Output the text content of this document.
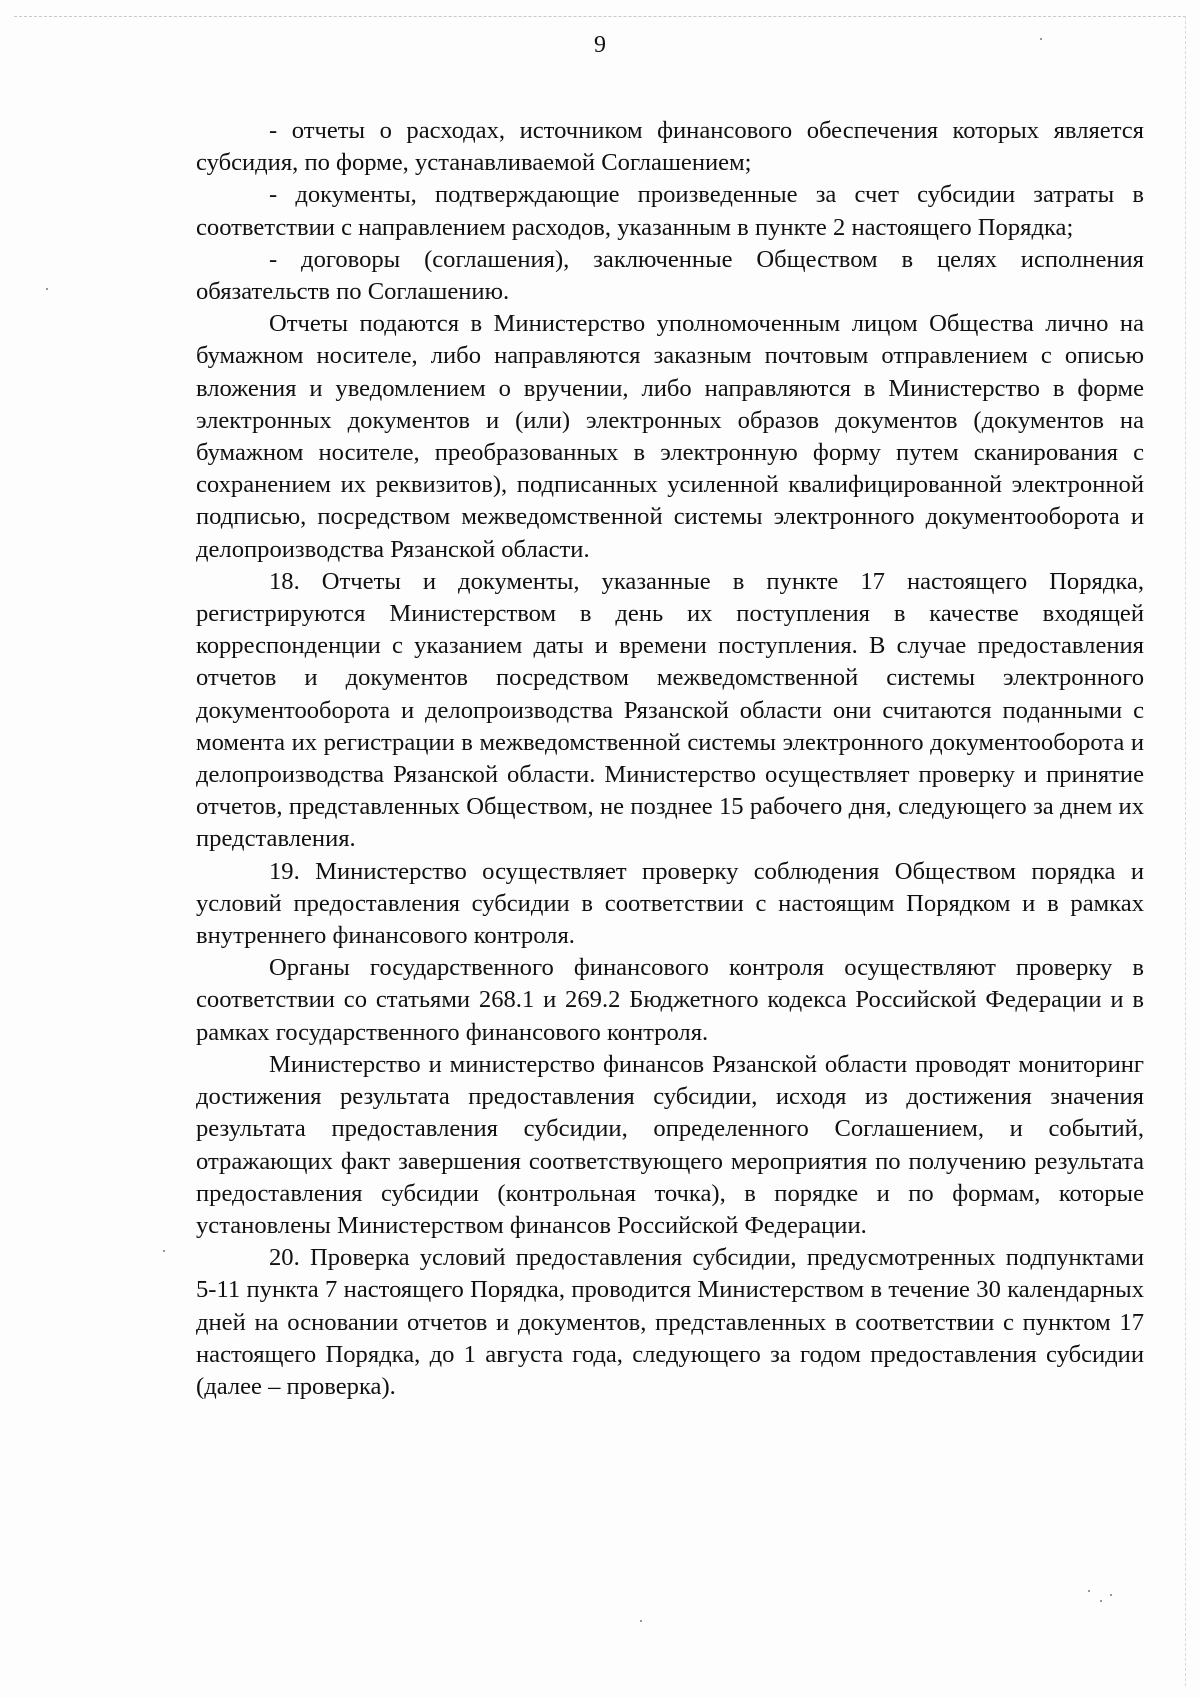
9

- отчеты о расходах, источником финансового обеспечения которых является субсидия, по форме, устанавливаемой Соглашением;

- документы, подтверждающие произведенные за счет субсидии затраты в соответствии с направлением расходов, указанным в пункте 2 настоящего Порядка;

- договоры (соглашения), заключенные Обществом в целях исполнения обязательств по Соглашению.

Отчеты подаются в Министерство уполномоченным лицом Общества лично на бумажном носителе, либо направляются заказным почтовым отправлением с описью вложения и уведомлением о вручении, либо направляются в Министерство в форме электронных документов и (или) электронных образов документов (документов на бумажном носителе, преобразованных в электронную форму путем сканирования с сохранением их реквизитов), подписанных усиленной квалифицированной электронной подписью, посредством межведомственной системы электронного документооборота и делопроизводства Рязанской области.

18. Отчеты и документы, указанные в пункте 17 настоящего Порядка, регистрируются Министерством в день их поступления в качестве входящей корреспонденции с указанием даты и времени поступления. В случае предоставления отчетов и документов посредством межведомственной системы электронного документооборота и делопроизводства Рязанской области они считаются поданными с момента их регистрации в межведомственной системы электронного документооборота и делопроизводства Рязанской области. Министерство осуществляет проверку и принятие отчетов, представленных Обществом, не позднее 15 рабочего дня, следующего за днем их представления.

19. Министерство осуществляет проверку соблюдения Обществом порядка и условий предоставления субсидии в соответствии с настоящим Порядком и в рамках внутреннего финансового контроля.

Органы государственного финансового контроля осуществляют проверку в соответствии со статьями 268.1 и 269.2 Бюджетного кодекса Российской Федерации и в рамках государственного финансового контроля.

Министерство и министерство финансов Рязанской области проводят мониторинг достижения результата предоставления субсидии, исходя из достижения значения результата предоставления субсидии, определенного Соглашением, и событий, отражающих факт завершения соответствующего мероприятия по получению результата предоставления субсидии (контрольная точка), в порядке и по формам, которые установлены Министерством финансов Российской Федерации.

20. Проверка условий предоставления субсидии, предусмотренных подпунктами 5-11 пункта 7 настоящего Порядка, проводится Министерством в течение 30 календарных дней на основании отчетов и документов, представленных в соответствии с пунктом 17 настоящего Порядка, до 1 августа года, следующего за годом предоставления субсидии (далее – проверка).
